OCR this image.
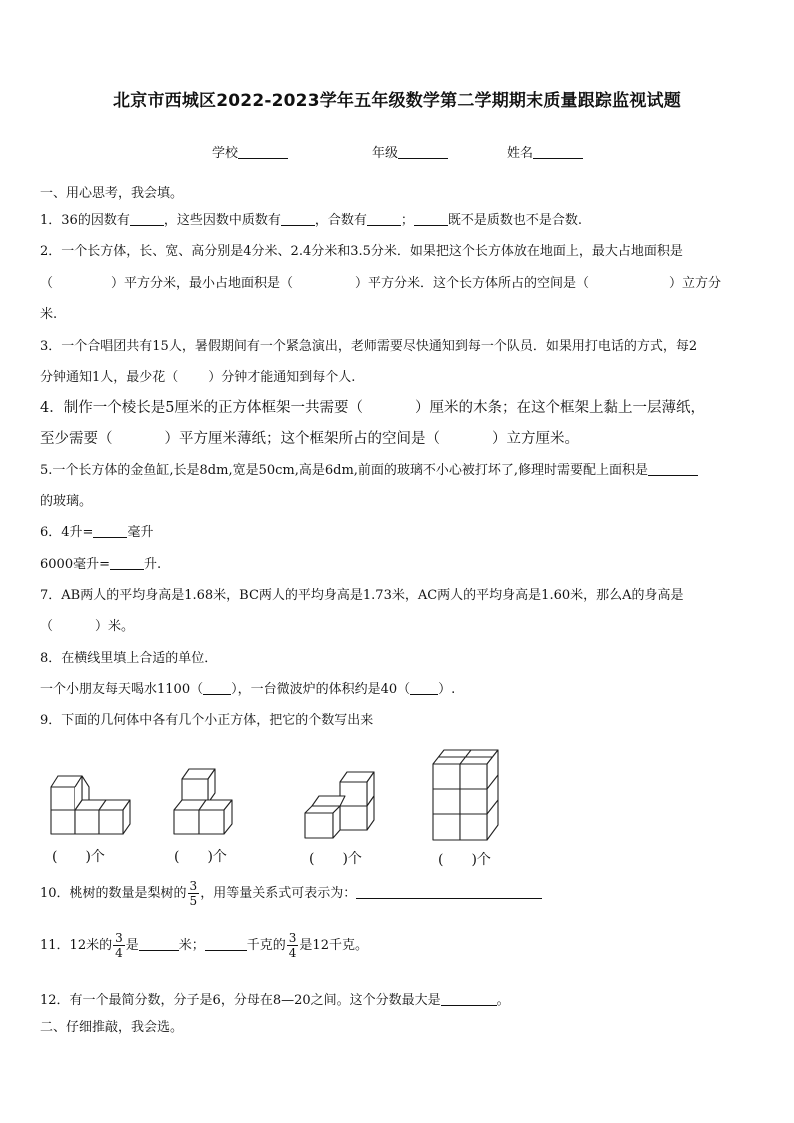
北京市西城区2022-2023学年五年级数学第二学期期末质量跟踪监视试题
学校	年级	姓名
一、用心思考，我会填。
1．36的因数有	，这些因数中质数有	，合数有	；	既不是质数也不是合数.
2．一个长方体，长、宽、高分别是4分米、2.4分米和3.5分米．如果把这个长方体放在地面上，最大占地面积是
（	）平方分米，最小占地面积是（	）平方分米．这个长方体所占的空间是（	）立方分
米.
3．一个合唱团共有15人，暑假期间有一个紧急演出，老师需要尽快通知到每一个队员．如果用打电话的方式，每2
分钟通知1人，最少花（ ）分钟才能通知到每个人.
4．制作一个棱长是5厘米的正方体框架一共需要（	）厘米的木条；在这个框架上黏上一层薄纸，
至少需要（	）平方厘米薄纸；这个框架所占的空间是（	）立方厘米。
5.一个长方体的金鱼缸,长是8dm,宽是50cm,高是6dm,前面的玻璃不小心被打坏了,修理时需要配上面积是
的玻璃。
6．4升=	毫升
6000毫升=	升.
7．AB两人的平均身高是1.68米，BC两人的平均身高是1.73米，AC两人的平均身高是1.60米，那么A的身高是
（	）米。
8．在横线里填上合适的单位．
一个小朋友每天喝水1100（ ），一台微波炉的体积约是40（ ）.
9．下面的几何体中各有几个小正方体，把它的个数写出来
(　　)个	(　　)个	(　　)个	(　　)个
10．桃树的数量是梨树的 $\frac{3}{5}$ ，用等量关系式可表示为：
11．12米的 $\frac{3}{4}$ 是	米；	千克的 $\frac{3}{4}$ 是12千克。
12．有一个最简分数，分子是6，分母在8—20之间。这个分数最大是	。
二、仔细推敲，我会选。
